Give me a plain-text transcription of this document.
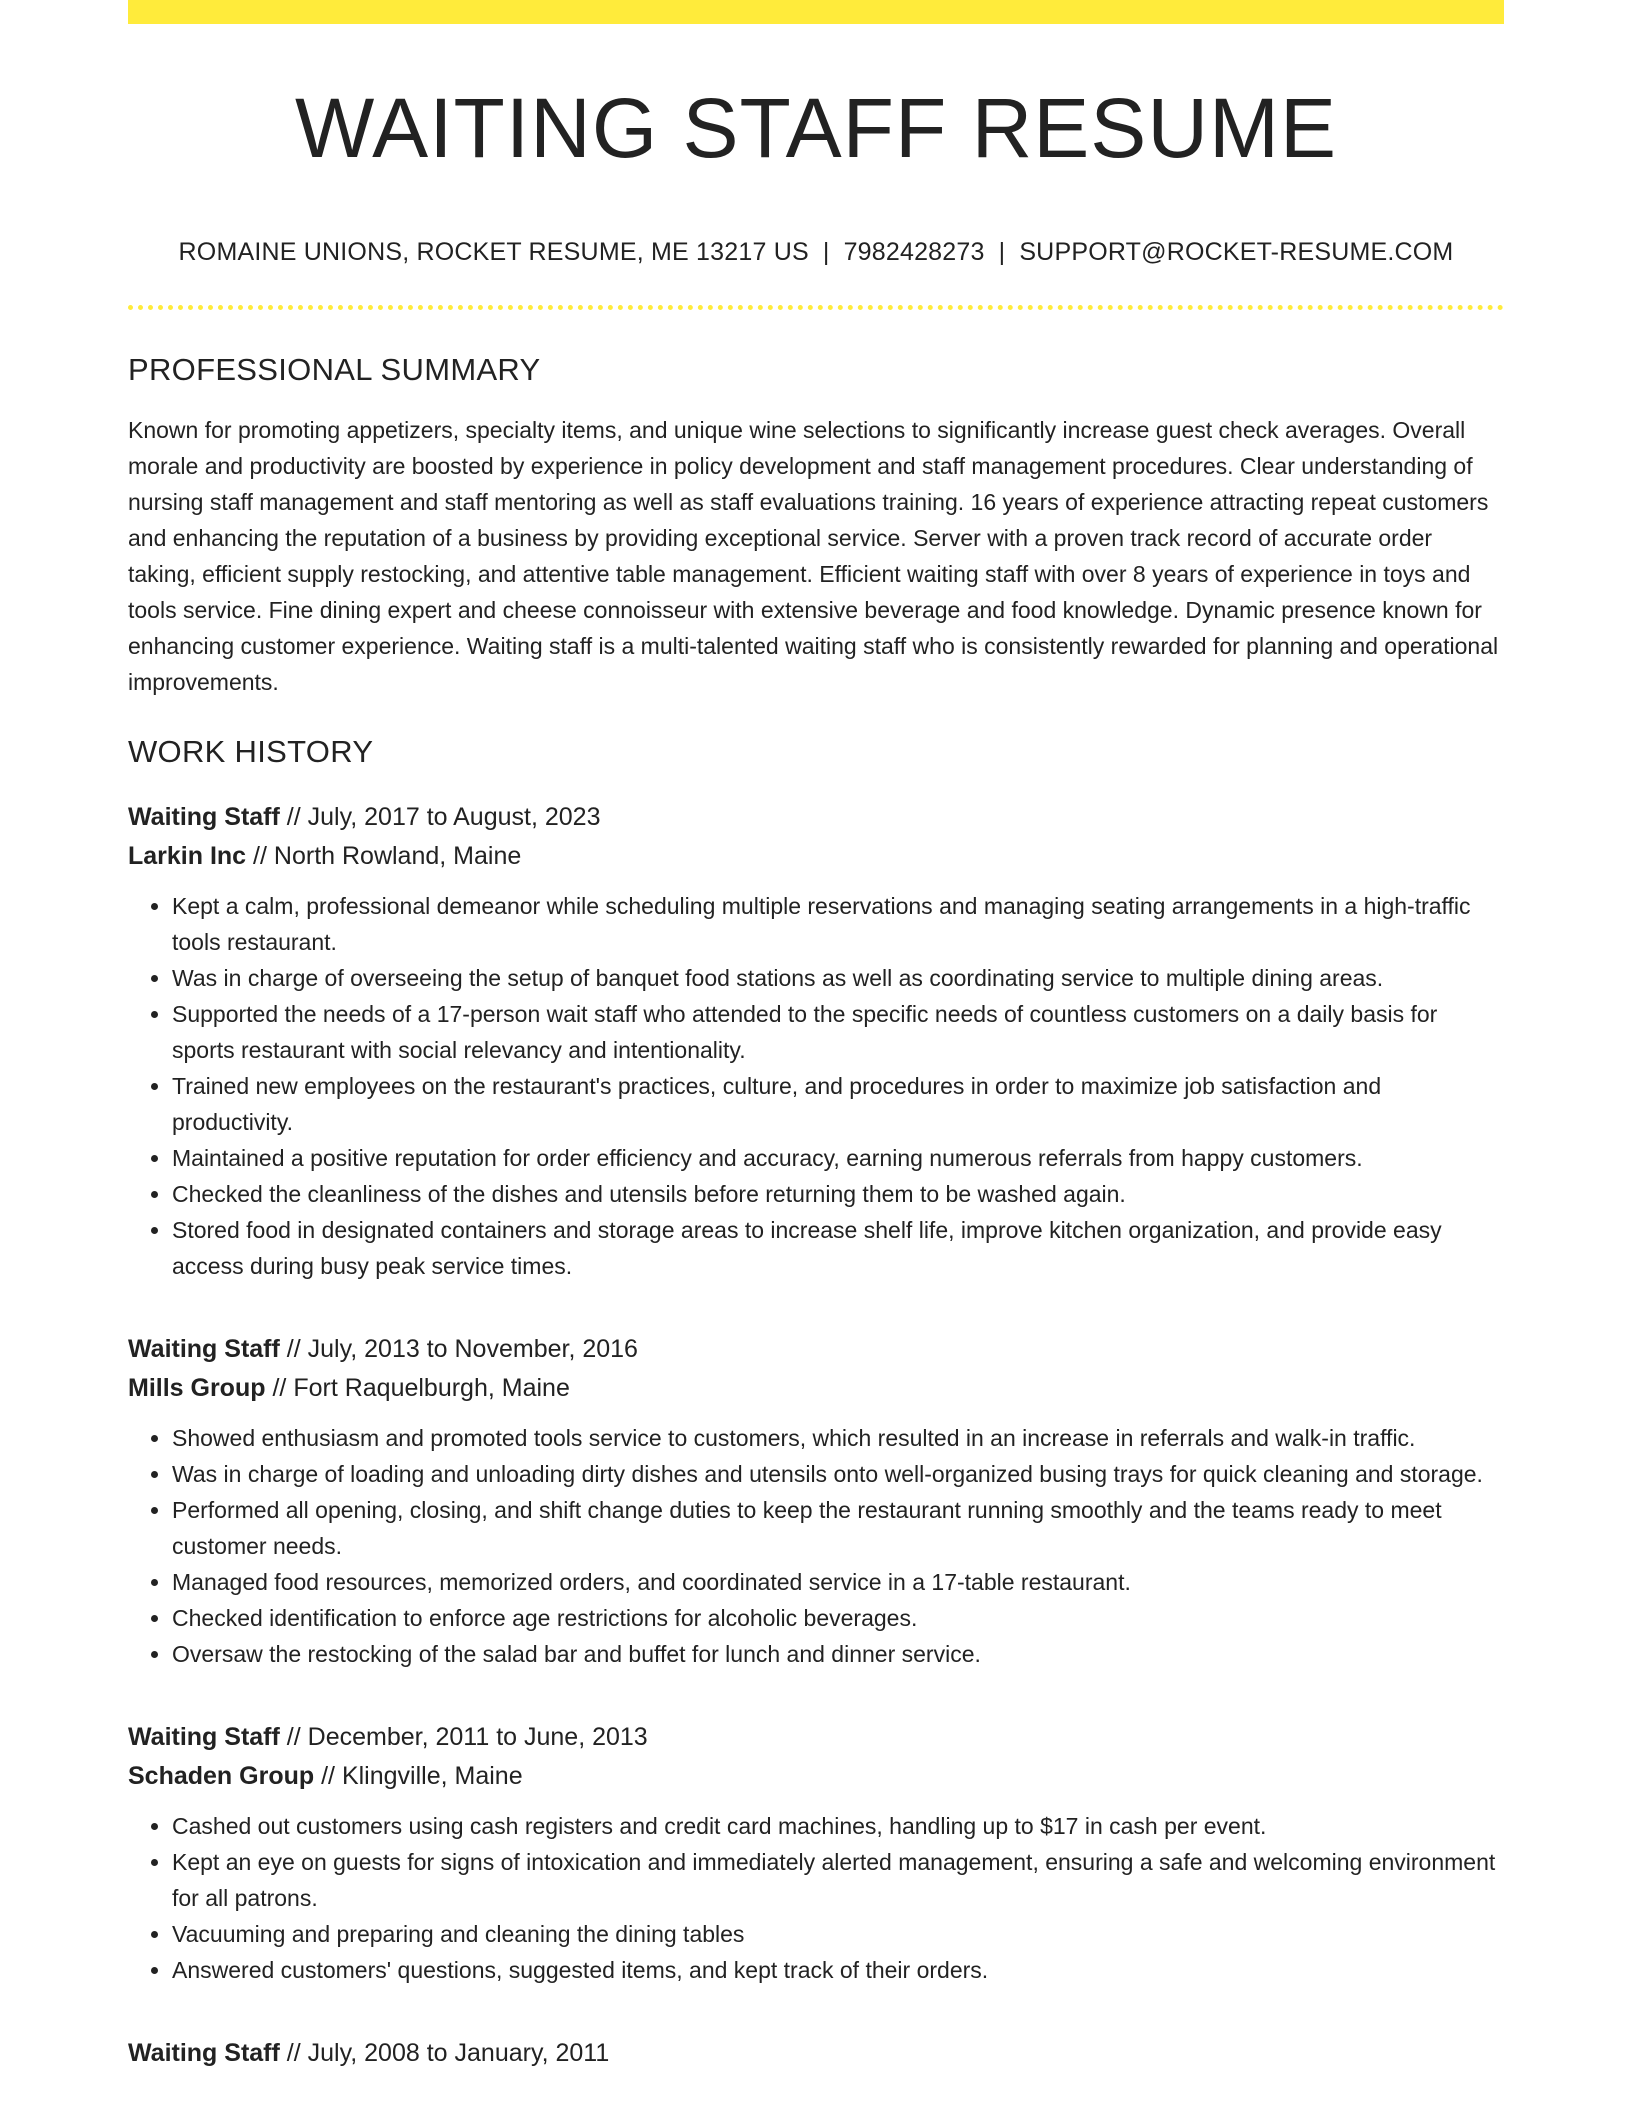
WAITING STAFF RESUME
ROMAINE UNIONS, ROCKET RESUME, ME 13217 US | 7982428273 | SUPPORT@ROCKET-RESUME.COM
PROFESSIONAL SUMMARY

Known for promoting appetizers, specialty items, and unique wine selections to significantly increase guest check averages. Overall morale and productivity are boosted by experience in policy development and staff management procedures. Clear understanding of nursing staff management and staff mentoring as well as staff evaluations training. 16 years of experience attracting repeat customers and enhancing the reputation of a business by providing exceptional service. Server with a proven track record of accurate order taking, efficient supply restocking, and attentive table management. Efficient waiting staff with over 8 years of experience in toys and tools service. Fine dining expert and cheese connoisseur with extensive beverage and food knowledge. Dynamic presence known for enhancing customer experience. Waiting staff is a multi-talented waiting staff who is consistently rewarded for planning and operational improvements.

WORK HISTORY
Waiting Staff // July, 2017 to August, 2023
Larkin Inc // North Rowland, Maine
• Kept a calm, professional demeanor while scheduling multiple reservations and managing seating arrangements in a high-traffic tools restaurant.
• Was in charge of overseeing the setup of banquet food stations as well as coordinating service to multiple dining areas.
• Supported the needs of a 17-person wait staff who attended to the specific needs of countless customers on a daily basis for sports restaurant with social relevancy and intentionality.
• Trained new employees on the restaurant's practices, culture, and procedures in order to maximize job satisfaction and productivity.
• Maintained a positive reputation for order efficiency and accuracy, earning numerous referrals from happy customers.
• Checked the cleanliness of the dishes and utensils before returning them to be washed again.
• Stored food in designated containers and storage areas to increase shelf life, improve kitchen organization, and provide easy access during busy peak service times.
Waiting Staff // July, 2013 to November, 2016
Mills Group // Fort Raquelburgh, Maine
• Showed enthusiasm and promoted tools service to customers, which resulted in an increase in referrals and walk-in traffic.
• Was in charge of loading and unloading dirty dishes and utensils onto well-organized busing trays for quick cleaning and storage.
• Performed all opening, closing, and shift change duties to keep the restaurant running smoothly and the teams ready to meet customer needs.
• Managed food resources, memorized orders, and coordinated service in a 17-table restaurant.
• Checked identification to enforce age restrictions for alcoholic beverages.
• Oversaw the restocking of the salad bar and buffet for lunch and dinner service.
Waiting Staff // December, 2011 to June, 2013
Schaden Group // Klingville, Maine
• Cashed out customers using cash registers and credit card machines, handling up to $17 in cash per event.
• Kept an eye on guests for signs of intoxication and immediately alerted management, ensuring a safe and welcoming environment for all patrons.
• Vacuuming and preparing and cleaning the dining tables
• Answered customers' questions, suggested items, and kept track of their orders.
Waiting Staff // July, 2008 to January, 2011
